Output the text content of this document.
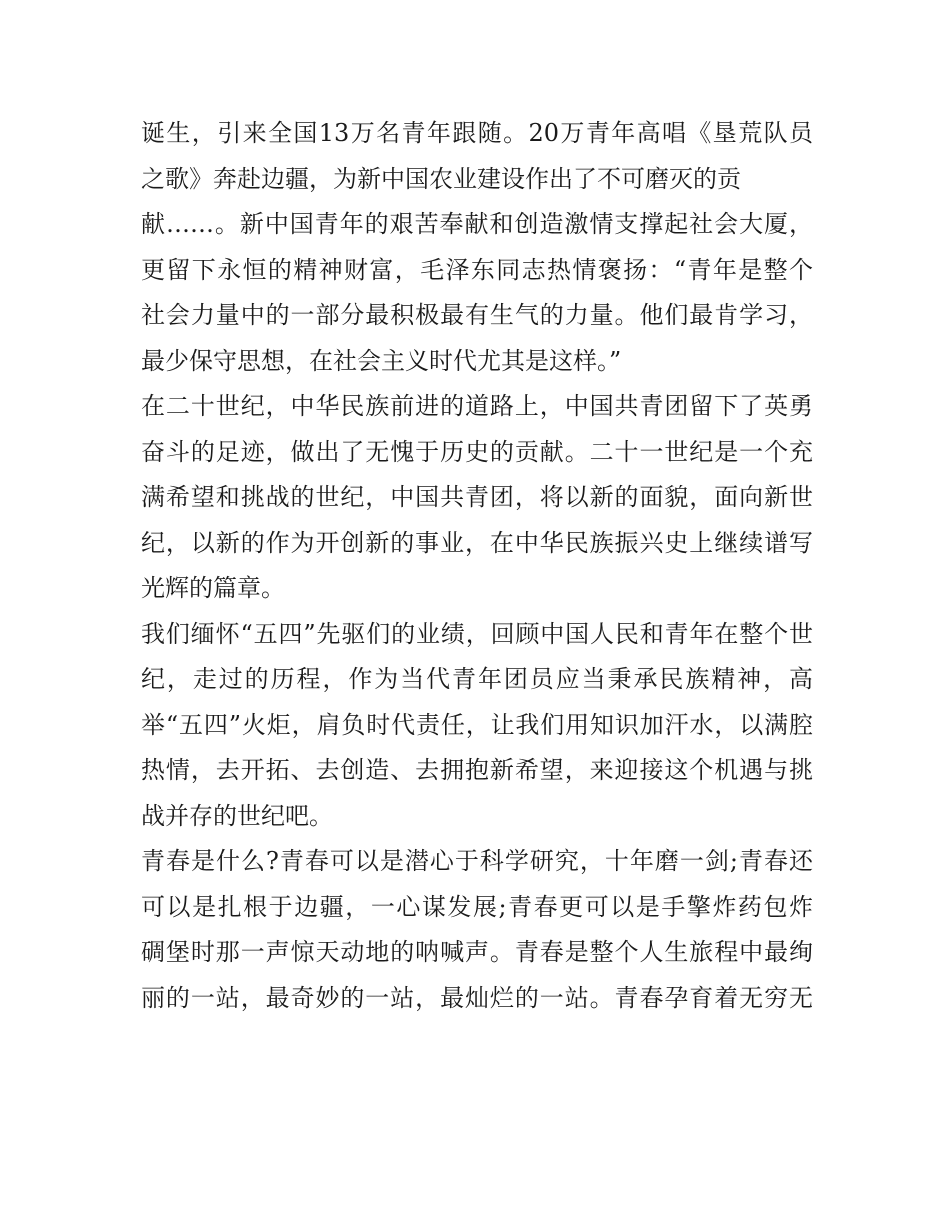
诞生，引来全国13万名青年跟随。20万青年高唱《垦荒队员
之歌》奔赴边疆，为新中国农业建设作出了不可磨灭的贡
献……。新中国青年的艰苦奉献和创造激情支撑起社会大厦，
更留下永恒的精神财富，毛泽东同志热情褒扬：“青年是整个
社会力量中的一部分最积极最有生气的力量。他们最肯学习，
最少保守思想，在社会主义时代尤其是这样。”
在二十世纪，中华民族前进的道路上，中国共青团留下了英勇
奋斗的足迹，做出了无愧于历史的贡献。二十一世纪是一个充
满希望和挑战的世纪，中国共青团，将以新的面貌，面向新世
纪，以新的作为开创新的事业，在中华民族振兴史上继续谱写
光辉的篇章。
我们缅怀“五四”先驱们的业绩，回顾中国人民和青年在整个世
纪，走过的历程，作为当代青年团员应当秉承民族精神，高
举“五四”火炬，肩负时代责任，让我们用知识加汗水，以满腔
热情，去开拓、去创造、去拥抱新希望，来迎接这个机遇与挑
战并存的世纪吧。
青春是什么?青春可以是潜心于科学研究，十年磨一剑;青春还
可以是扎根于边疆，一心谋发展;青春更可以是手擎炸药包炸
碉堡时那一声惊天动地的呐喊声。青春是整个人生旅程中最绚
丽的一站，最奇妙的一站，最灿烂的一站。青春孕育着无穷无
